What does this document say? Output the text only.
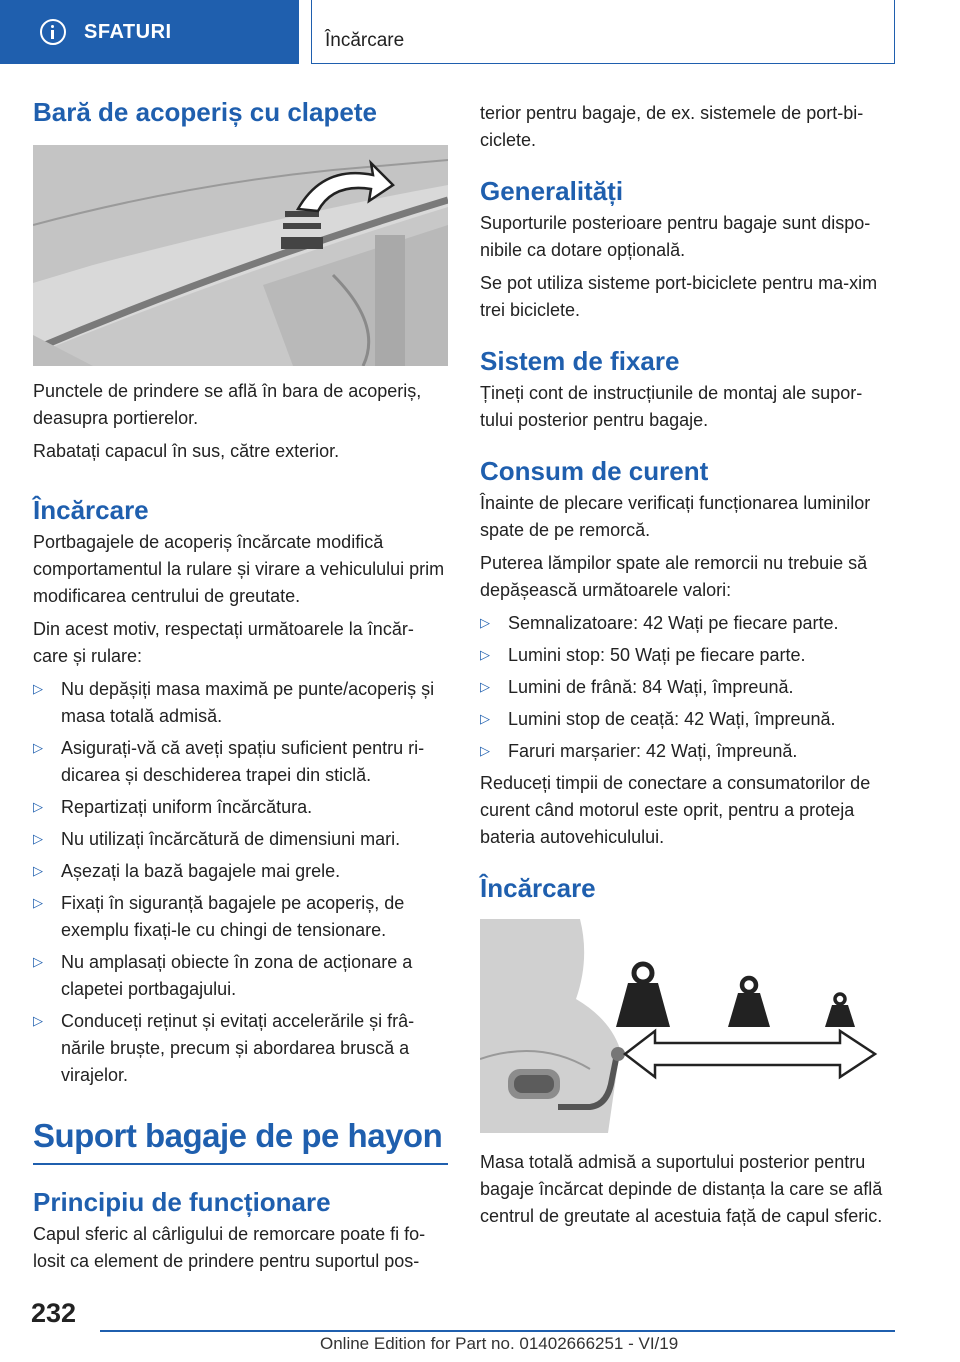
SFATURI	Încărcare
Bară de acoperiș cu clapete

Punctele de prindere se află în bara de acoperiș, deasupra portierelor.

Rabatați capacul în sus, către exterior.

Încărcare

Portbagajele de acoperiș încărcate modifică comportamentul la rulare și virare a vehiculului prim modificarea centrului de greutate.

Din acest motiv, respectați următoarele la încăr-care și rulare:

▷ Nu depășiți masa maximă pe punte/acoperiș și masa totală admisă.
▷ Asigurați-vă că aveți spațiu suficient pentru ri-dicarea și deschiderea trapei din sticlă.
▷ Repartizați uniform încărcătura.
▷ Nu utilizați încărcătură de dimensiuni mari.
▷ Așezați la bază bagajele mai grele.
▷ Fixați în siguranță bagajele pe acoperiș, de exemplu fixați-le cu chingi de tensionare.
▷ Nu amplasați obiecte în zona de acționare a clapetei portbagajului.
▷ Conduceți reținut și evitați accelerările și frâ-nările bruște, precum și abordarea bruscă a virajelor.
Suport bagaje de pe hayon
Principiu de funcționare

Capul sferic al cârligului de remorcare poate fi fo-losit ca element de prindere pentru suportul pos-

terior pentru bagaje, de ex. sistemele de port-bi-ciclete.

Generalități

Suporturile posterioare pentru bagaje sunt dispo-nibile ca dotare opțională.

Se pot utiliza sisteme port-biciclete pentru ma-xim trei biciclete.

Sistem de fixare

Țineți cont de instrucțiunile de montaj ale supor-tului posterior pentru bagaje.

Consum de curent

Înainte de plecare verificați funcționarea luminilor spate de pe remorcă.

Puterea lămpilor spate ale remorcii nu trebuie să depășească următoarele valori:

▷ Semnalizatoare: 42 Wați pe fiecare parte.
▷ Lumini stop: 50 Wați pe fiecare parte.
▷ Lumini de frână: 84 Wați, împreună.
▷ Lumini stop de ceață: 42 Wați, împreună.
▷ Faruri marșarier: 42 Wați, împreună.

Reduceți timpii de conectare a consumatorilor de curent când motorul este oprit, pentru a proteja bateria autovehiculului.

Încărcare

Masa totală admisă a suportului posterior pentru bagaje încărcat depinde de distanța la care se află centrul de greutate al acestuia față de capul sferic.

232
Online Edition for Part no. 01402666251 - VI/19
